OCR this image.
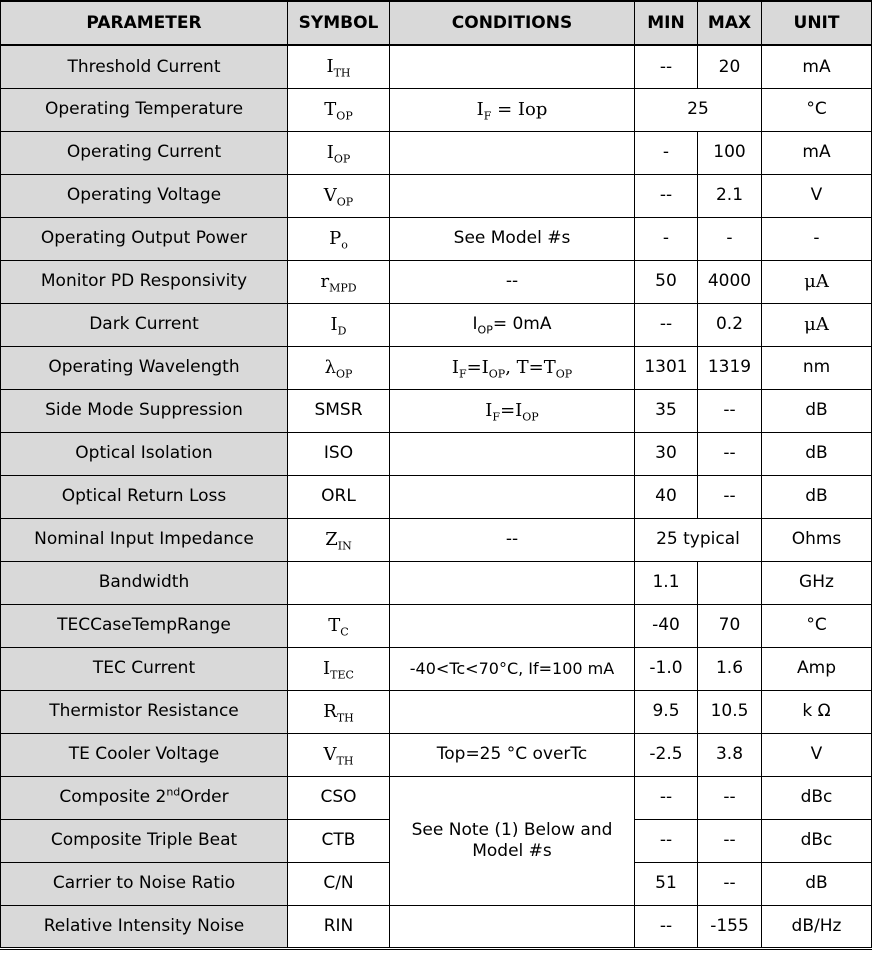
PARAMETER	SYMBOL	CONDITIONS	MIN	MAX	UNIT
Threshold Current	$I_{TH}$		--	20	mA
Operating Temperature	$T_{OP}$	$I_F$ = Iop	25		°C
Operating Current	$I_{OP}$		-	100	mA
Operating Voltage	$V_{OP}$		--	2.1	V
Operating Output Power	$P_o$	See Model #s	-	-	-
Monitor PD Responsivity	$r_{MPD}$	--	50	4000	μA
Dark Current	$I_D$	$I_{OP}= 0mA$	--	0.2	μA
Operating Wavelength	$\lambda_{OP}$	$I_F=I_{OP}$, $T=T_{OP}$	1301	1319	nm
Side Mode Suppression	SMSR	$I_F=I_{OP}$	35	--	dB
Optical Isolation	ISO		30	--	dB
Optical Return Loss	ORL		40	--	dB
Nominal Input Impedance	$Z_{IN}$	--	25 typical		Ohms
Bandwidth			1.1		GHz
TECCaseTempRange	$T_C$		-40	70	°C
TEC Current	$I_{TEC}$	-40<Tc<70°C, If=100 mA	-1.0	1.6	Amp
Thermistor Resistance	$R_{TH}$		9.5	10.5	k Ω
TE Cooler Voltage	$V_{TH}$	Top=25 °C overTc	-2.5	3.8	V
Composite 2ndOrder	CSO	See Note (1) Below and Model #s	--	--	dBc
Composite Triple Beat	CTB		--	--	dBc
Carrier to Noise Ratio	C/N		51	--	dB
Relative Intensity Noise	RIN		--	-155	dB/Hz
